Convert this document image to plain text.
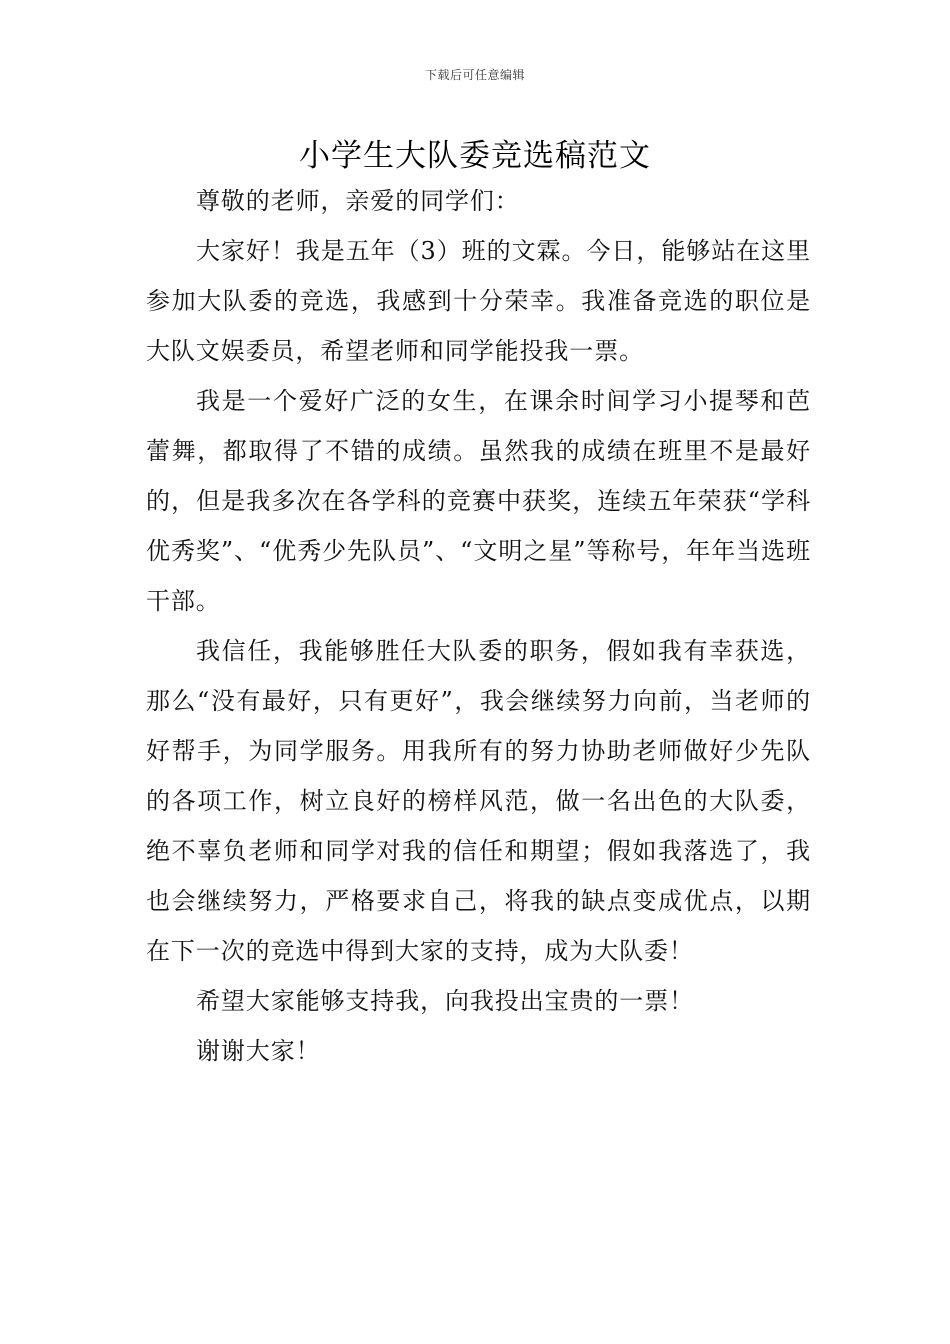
下载后可任意编辑
小学生大队委竞选稿范文

尊敬的老师，亲爱的同学们：

大家好！我是五年（3）班的文霖。今日，能够站在这里参加大队委的竞选，我感到十分荣幸。我准备竞选的职位是大队文娱委员，希望老师和同学能投我一票。

我是一个爱好广泛的女生，在课余时间学习小提琴和芭蕾舞，都取得了不错的成绩。虽然我的成绩在班里不是最好的，但是我多次在各学科的竞赛中获奖，连续五年荣获“学科优秀奖”、“优秀少先队员”、“文明之星”等称号，年年当选班干部。

我信任，我能够胜任大队委的职务，假如我有幸获选，那么“没有最好，只有更好”，我会继续努力向前，当老师的好帮手，为同学服务。用我所有的努力协助老师做好少先队的各项工作，树立良好的榜样风范，做一名出色的大队委，绝不辜负老师和同学对我的信任和期望；假如我落选了，我也会继续努力，严格要求自己，将我的缺点变成优点，以期在下一次的竞选中得到大家的支持，成为大队委！

希望大家能够支持我，向我投出宝贵的一票！

谢谢大家！
